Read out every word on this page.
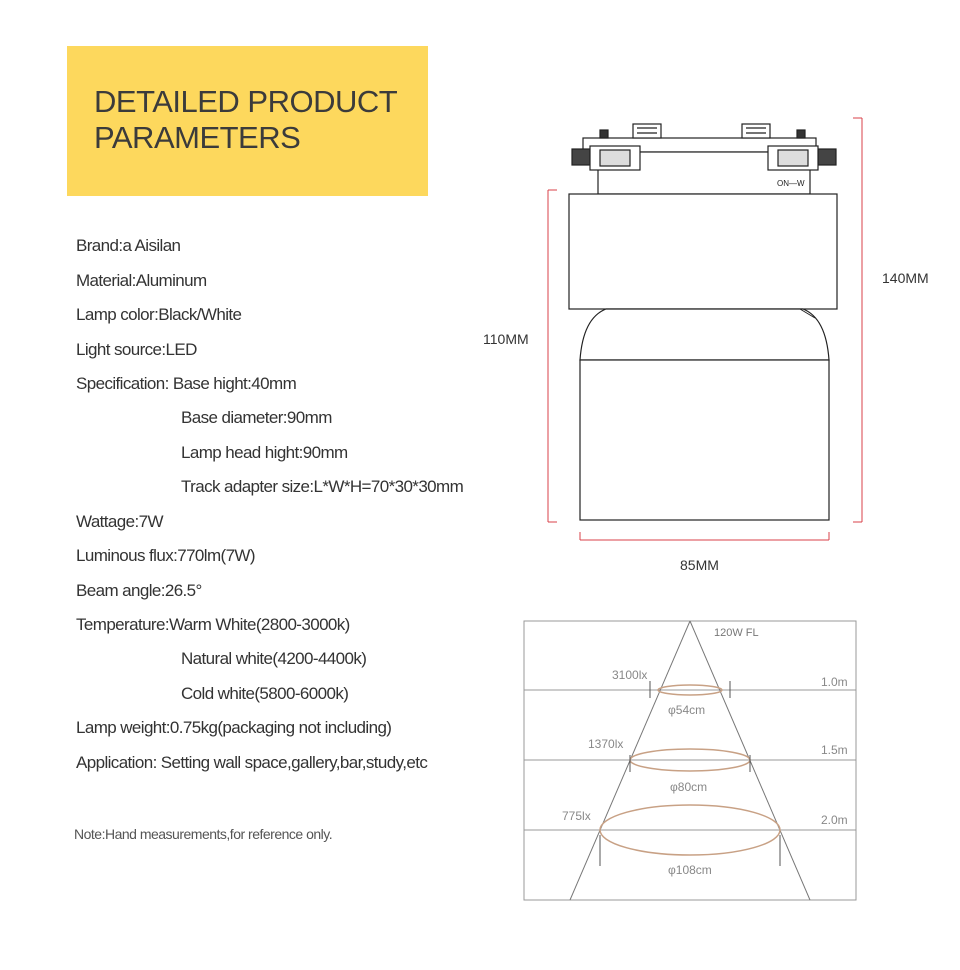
DETAILED PRODUCT
PARAMETERS
Brand:a Aisilan
Material:Aluminum
Lamp color:Black/White
Light source:LED
Specification: Base hight:40mm
Base diameter:90mm
Lamp head hight:90mm
Track adapter size:L*W*H=70*30*30mm
Wattage:7W
Luminous flux:770lm(7W)
Beam angle:26.5°
Temperature:Warm White(2800-3000k)
Natural white(4200-4400k)
Cold white(5800-6000k)
Lamp weight:0.75kg(packaging not including)
Application: Setting wall space,gallery,bar,study,etc
Note:Hand measurements,for reference only.
ON—W
140MM
110MM
85MM
120W FL
3100lx
φ54cm
1.0m
1370lx
φ80cm
1.5m
775lx
φ108cm
2.0m
